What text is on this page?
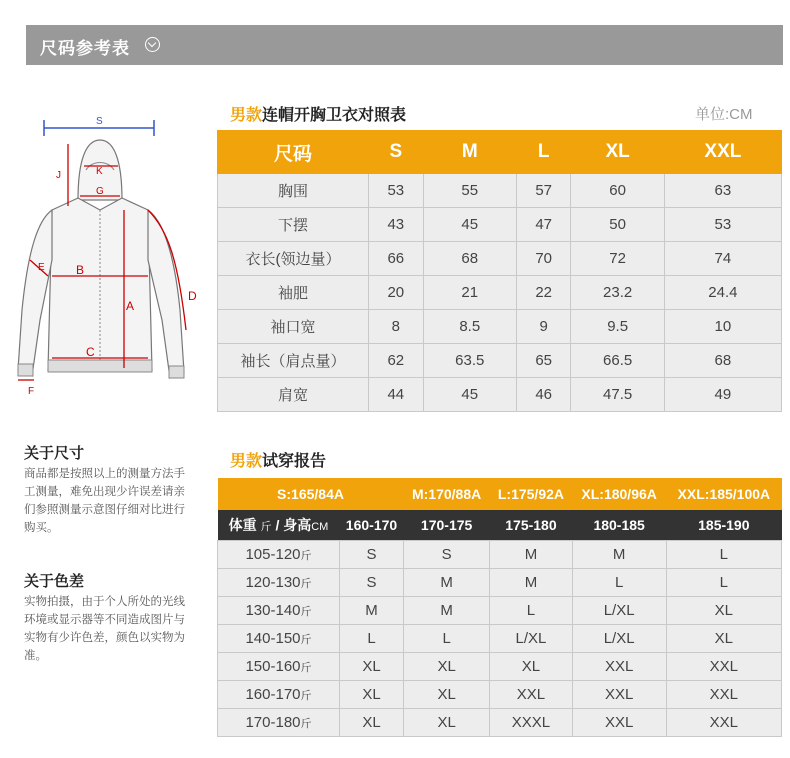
尺码参考表
S
J	K
G
E	B
A
D
C
F
男款连帽开胸卫衣对照表	单位:CM
尺码	S	M	L	XL	XXL
胸围	53	55	57	60	63
下摆	43	45	47	50	53
衣长(领边量）	66	68	70	72	74
袖肥	20	21	22	23.2	24.4
袖口宽	8	8.5	9	9.5	10
袖长（肩点量）	62	63.5	65	66.5	68
肩宽	44	45	46	47.5	49
男款试穿报告
S:165/84A		M:170/88A	L:175/92A	XL:180/96A	XXL:185/100A
体重 斤 / 身高CM	160-170	170-175	175-180	180-185	185-190
105-120斤	S	S	M	M	L
120-130斤	S	M	M	L	L
130-140斤	M	M	L	L/XL	XL
140-150斤	L	L	L/XL	L/XL	XL
150-160斤	XL	XL	XL	XXL	XXL
160-170斤	XL	XL	XXL	XXL	XXL
170-180斤	XL	XL	XXXL	XXL	XXL
关于尺寸
商品都是按照以上的测量方法手工测量，难免出现少许误差请亲们参照测量示意图仔细对比进行购买。
关于色差
实物拍摄，由于个人所处的光线环境或显示器等不同造成图片与实物有少许色差，颜色以实物为准。
